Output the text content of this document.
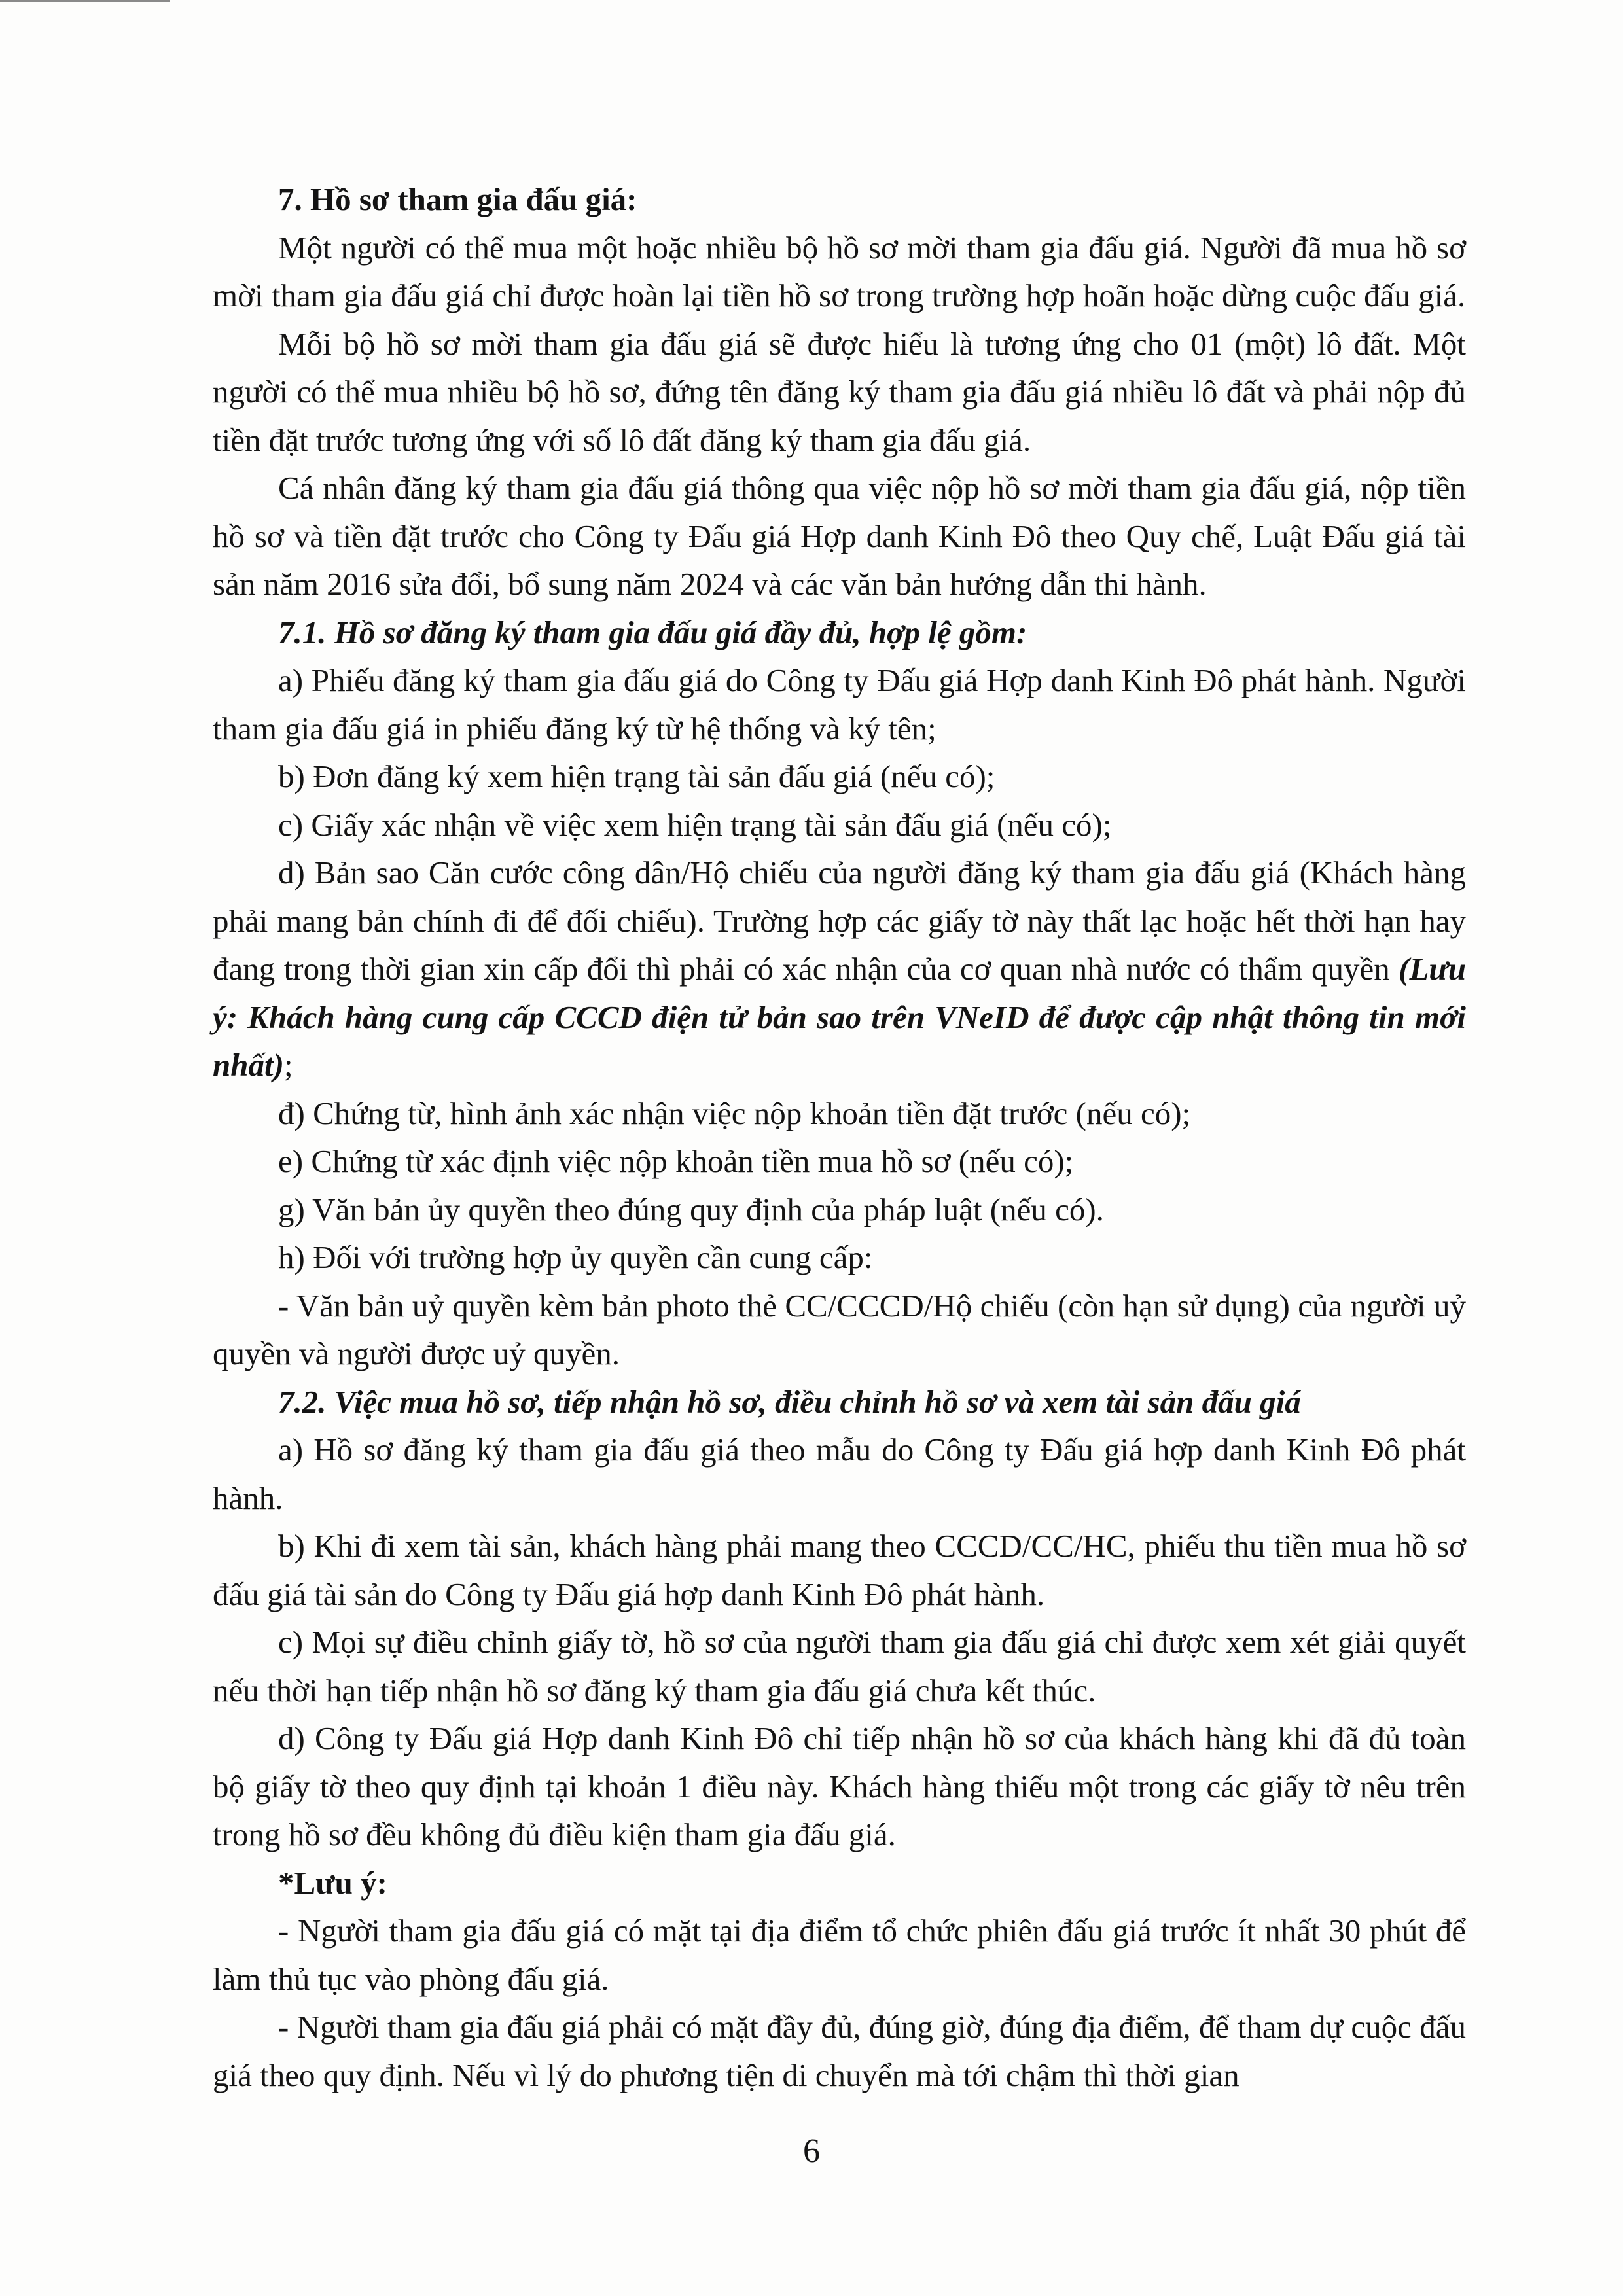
7. Hồ sơ tham gia đấu giá:

Một người có thể mua một hoặc nhiều bộ hồ sơ mời tham gia đấu giá. Người đã mua hồ sơ mời tham gia đấu giá chỉ được hoàn lại tiền hồ sơ trong trường hợp hoãn hoặc dừng cuộc đấu giá.

Mỗi bộ hồ sơ mời tham gia đấu giá sẽ được hiểu là tương ứng cho 01 (một) lô đất. Một người có thể mua nhiều bộ hồ sơ, đứng tên đăng ký tham gia đấu giá nhiều lô đất và phải nộp đủ tiền đặt trước tương ứng với số lô đất đăng ký tham gia đấu giá.

Cá nhân đăng ký tham gia đấu giá thông qua việc nộp hồ sơ mời tham gia đấu giá, nộp tiền hồ sơ và tiền đặt trước cho Công ty Đấu giá Hợp danh Kinh Đô theo Quy chế, Luật Đấu giá tài sản năm 2016 sửa đổi, bổ sung năm 2024 và các văn bản hướng dẫn thi hành.

7.1. Hồ sơ đăng ký tham gia đấu giá đầy đủ, hợp lệ gồm:

a) Phiếu đăng ký tham gia đấu giá do Công ty Đấu giá Hợp danh Kinh Đô phát hành. Người tham gia đấu giá in phiếu đăng ký từ hệ thống và ký tên;

b) Đơn đăng ký xem hiện trạng tài sản đấu giá (nếu có);

c) Giấy xác nhận về việc xem hiện trạng tài sản đấu giá (nếu có);

d) Bản sao Căn cước công dân/Hộ chiếu của người đăng ký tham gia đấu giá (Khách hàng phải mang bản chính đi để đối chiếu). Trường hợp các giấy tờ này thất lạc hoặc hết thời hạn hay đang trong thời gian xin cấp đổi thì phải có xác nhận của cơ quan nhà nước có thẩm quyền (Lưu ý: Khách hàng cung cấp CCCD điện tử bản sao trên VNeID để được cập nhật thông tin mới nhất);

đ) Chứng từ, hình ảnh xác nhận việc nộp khoản tiền đặt trước (nếu có);

e) Chứng từ xác định việc nộp khoản tiền mua hồ sơ (nếu có);

g) Văn bản ủy quyền theo đúng quy định của pháp luật (nếu có).

h) Đối với trường hợp ủy quyền cần cung cấp:

- Văn bản uỷ quyền kèm bản photo thẻ CC/CCCD/Hộ chiếu (còn hạn sử dụng) của người uỷ quyền và người được uỷ quyền.

7.2. Việc mua hồ sơ, tiếp nhận hồ sơ, điều chỉnh hồ sơ và xem tài sản đấu giá

a) Hồ sơ đăng ký tham gia đấu giá theo mẫu do Công ty Đấu giá hợp danh Kinh Đô phát hành.

b) Khi đi xem tài sản, khách hàng phải mang theo CCCD/CC/HC, phiếu thu tiền mua hồ sơ đấu giá tài sản do Công ty Đấu giá hợp danh Kinh Đô phát hành.

c) Mọi sự điều chỉnh giấy tờ, hồ sơ của người tham gia đấu giá chỉ được xem xét giải quyết nếu thời hạn tiếp nhận hồ sơ đăng ký tham gia đấu giá chưa kết thúc.

d) Công ty Đấu giá Hợp danh Kinh Đô chỉ tiếp nhận hồ sơ của khách hàng khi đã đủ toàn bộ giấy tờ theo quy định tại khoản 1 điều này. Khách hàng thiếu một trong các giấy tờ nêu trên trong hồ sơ đều không đủ điều kiện tham gia đấu giá.

*Lưu ý:

- Người tham gia đấu giá có mặt tại địa điểm tổ chức phiên đấu giá trước ít nhất 30 phút để làm thủ tục vào phòng đấu giá.

- Người tham gia đấu giá phải có mặt đầy đủ, đúng giờ, đúng địa điểm, để tham dự cuộc đấu giá theo quy định. Nếu vì lý do phương tiện di chuyển mà tới chậm thì thời gian

6
